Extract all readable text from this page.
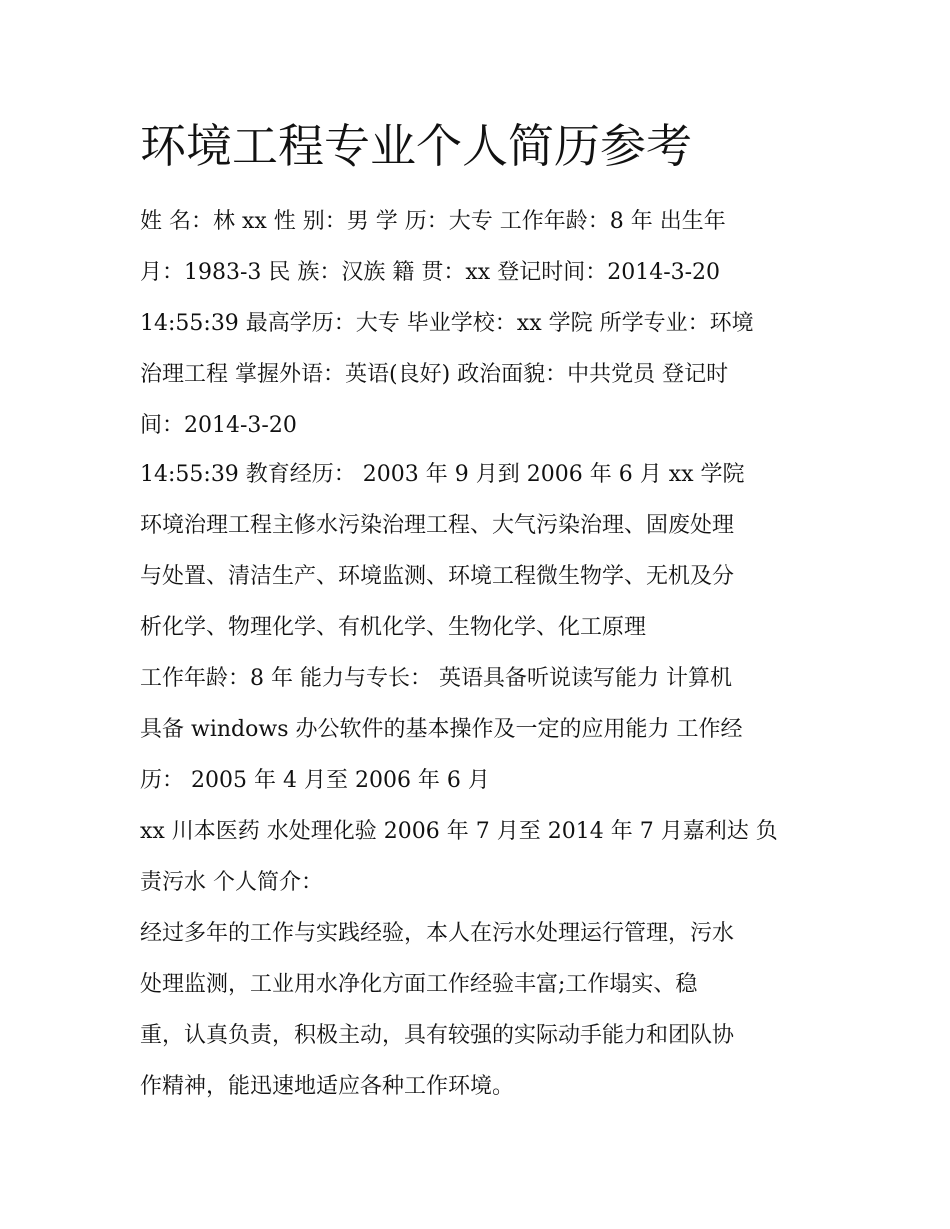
环境工程专业个人简历参考

姓 名：林 xx 性 别：男 学 历：大专 工作年龄：8 年 出生年

月：1983-3 民 族：汉族 籍 贯：xx 登记时间：2014-3-20

14:55:39 最高学历：大专 毕业学校：xx 学院 所学专业：环境

治理工程 掌握外语：英语(良好) 政治面貌：中共党员 登记时

间：2014-3-20

14:55:39 教育经历： 2003 年 9 月到 2006 年 6 月 xx 学院

环境治理工程主修水污染治理工程、大气污染治理、固废处理

与处置、清洁生产、环境监测、环境工程微生物学、无机及分

析化学、物理化学、有机化学、生物化学、化工原理

工作年龄：8 年 能力与专长： 英语具备听说读写能力 计算机

具备 windows 办公软件的基本操作及一定的应用能力 工作经

历： 2005 年 4 月至 2006 年 6 月

xx 川本医药 水处理化验 2006 年 7 月至 2014 年 7 月嘉利达 负

责污水 个人简介：

经过多年的工作与实践经验，本人在污水处理运行管理，污水

处理监测，工业用水净化方面工作经验丰富;工作塌实、稳

重，认真负责，积极主动，具有较强的实际动手能力和团队协

作精神，能迅速地适应各种工作环境。
